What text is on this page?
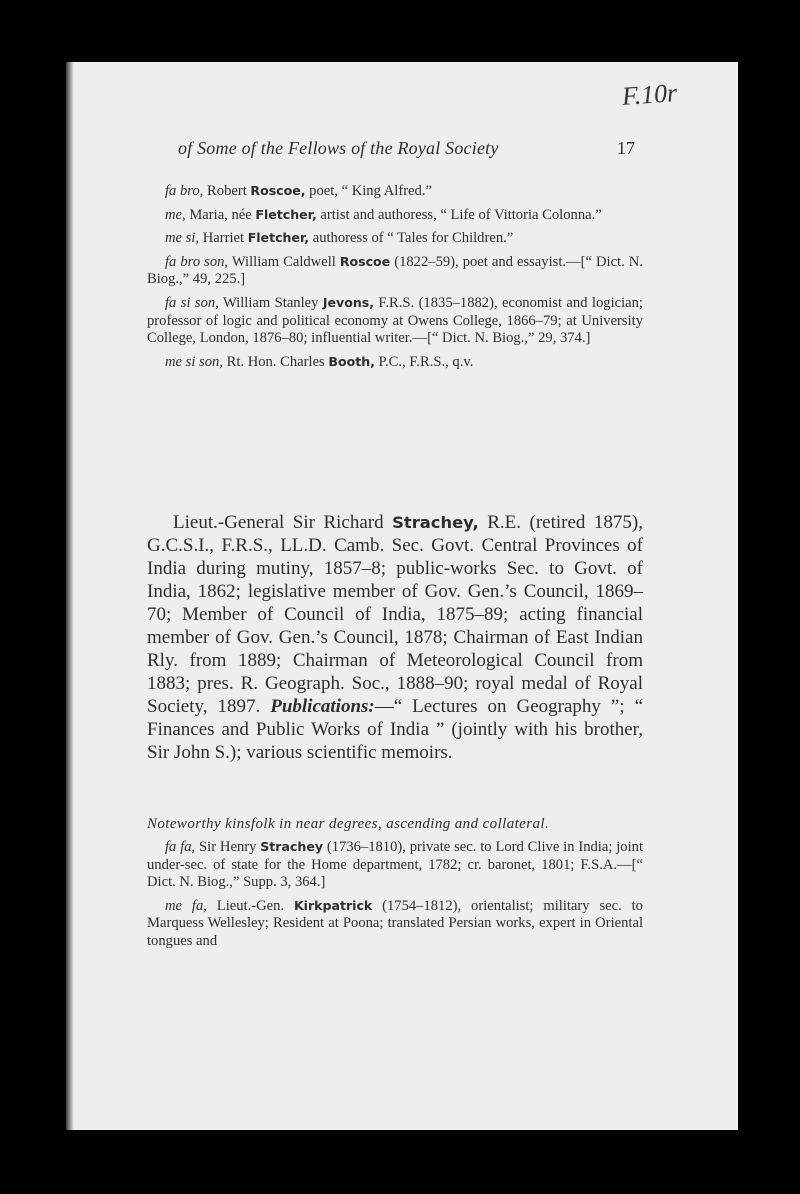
F.10r
of Some of the Fellows of the Royal Society	17

fa bro, Robert Roscoe, poet, “ King Alfred.”

me, Maria, née Fletcher, artist and authoress, “ Life of Vittoria Colonna.”

me si, Harriet Fletcher, authoress of “ Tales for Children.”

fa bro son, William Caldwell Roscoe (1822–59), poet and essayist.—[“ Dict. N. Biog.,” 49, 225.]

fa si son, William Stanley Jevons, F.R.S. (1835–1882), economist and logician; professor of logic and political economy at Owens College, 1866–79; at University College, London, 1876–80; influential writer.—[“ Dict. N. Biog.,” 29, 374.]

me si son, Rt. Hon. Charles Booth, P.C., F.R.S., q.v.

Lieut.-General Sir Richard Strachey, R.E. (retired 1875), G.C.S.I., F.R.S., LL.D. Camb. Sec. Govt. Central Provinces of India during mutiny, 1857–8; public-works Sec. to Govt. of India, 1862; legislative member of Gov. Gen.’s Council, 1869–70; Member of Council of India, 1875–89; acting financial member of Gov. Gen.’s Council, 1878; Chairman of East Indian Rly. from 1889; Chairman of Meteorological Council from 1883; pres. R. Geograph. Soc., 1888–90; royal medal of Royal Society, 1897. Publications:—“ Lectures on Geography ”; “ Finances and Public Works of India ” (jointly with his brother, Sir John S.); various scientific memoirs.

Noteworthy kinsfolk in near degrees, ascending and collateral.

fa fa, Sir Henry Strachey (1736–1810), private sec. to Lord Clive in India; joint under-sec. of state for the Home department, 1782; cr. baronet, 1801; F.S.A.—[“ Dict. N. Biog.,” Supp. 3, 364.]

me fa, Lieut.-Gen. Kirkpatrick (1754–1812), orientalist; military sec. to Marquess Wellesley; Resident at Poona; translated Persian works, expert in Oriental tongues and
